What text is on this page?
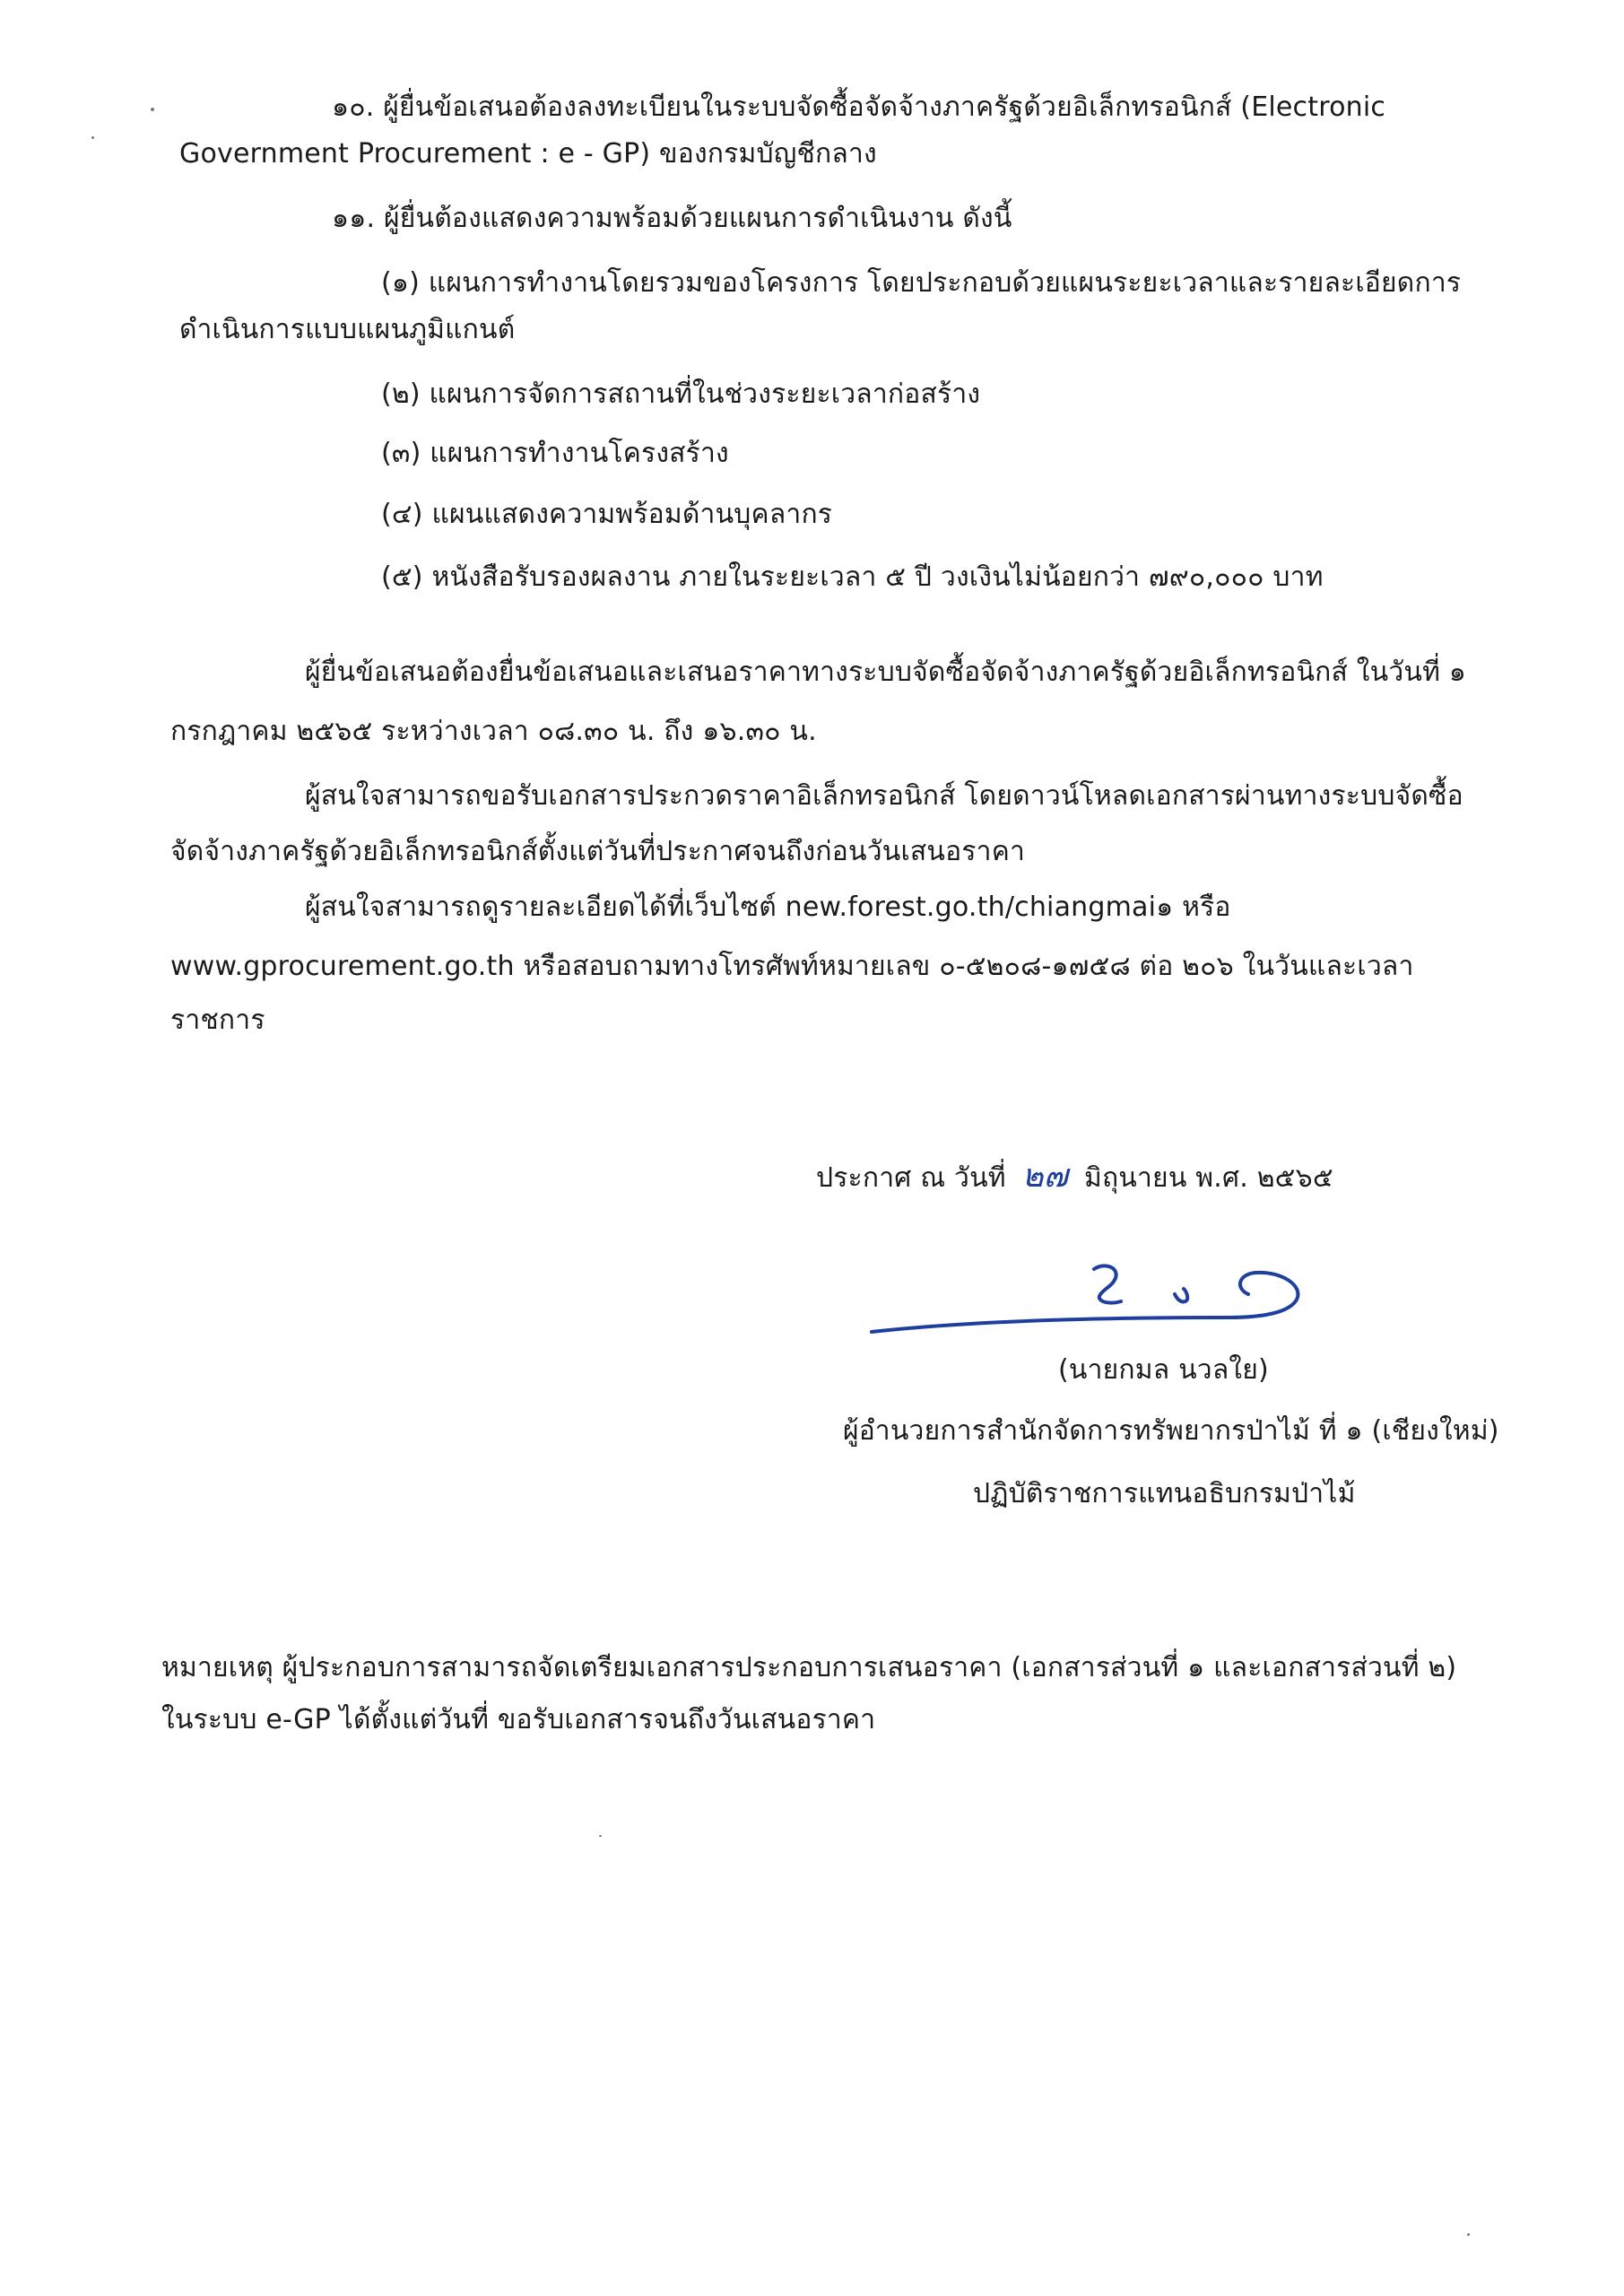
๑๐. ผู้ยื่นข้อเสนอต้องลงทะเบียนในระบบจัดซื้อจัดจ้างภาครัฐด้วยอิเล็กทรอนิกส์ (Electronic
Government Procurement : e - GP) ของกรมบัญชีกลาง
๑๑. ผู้ยื่นต้องแสดงความพร้อมด้วยแผนการดำเนินงาน ดังนี้
(๑) แผนการทำงานโดยรวมของโครงการ โดยประกอบด้วยแผนระยะเวลาและรายละเอียดการ
ดำเนินการแบบแผนภูมิแกนต์
(๒) แผนการจัดการสถานที่ในช่วงระยะเวลาก่อสร้าง
(๓) แผนการทำงานโครงสร้าง
(๔) แผนแสดงความพร้อมด้านบุคลากร
(๕) หนังสือรับรองผลงาน ภายในระยะเวลา ๕ ปี วงเงินไม่น้อยกว่า ๗๙๐,๐๐๐ บาท
ผู้ยื่นข้อเสนอต้องยื่นข้อเสนอและเสนอราคาทางระบบจัดซื้อจัดจ้างภาครัฐด้วยอิเล็กทรอนิกส์ ในวันที่ ๑
กรกฎาคม ๒๕๖๕ ระหว่างเวลา ๐๘.๓๐ น. ถึง ๑๖.๓๐ น.
ผู้สนใจสามารถขอรับเอกสารประกวดราคาอิเล็กทรอนิกส์ โดยดาวน์โหลดเอกสารผ่านทางระบบจัดซื้อ
จัดจ้างภาครัฐด้วยอิเล็กทรอนิกส์ตั้งแต่วันที่ประกาศจนถึงก่อนวันเสนอราคา
ผู้สนใจสามารถดูรายละเอียดได้ที่เว็บไซต์ new.forest.go.th/chiangmai๑ หรือ
www.gprocurement.go.th หรือสอบถามทางโทรศัพท์หมายเลข ๐-๕๒๐๘-๑๗๕๘ ต่อ ๒๐๖ ในวันและเวลา
ราชการ
ประกาศ ณ วันที่ ๒๗ มิถุนายน พ.ศ. ๒๕๖๕
(นายกมล นวลใย)
ผู้อำนวยการสำนักจัดการทรัพยากรป่าไม้ ที่ ๑ (เชียงใหม่)
ปฏิบัติราชการแทนอธิบกรมป่าไม้
หมายเหตุ ผู้ประกอบการสามารถจัดเตรียมเอกสารประกอบการเสนอราคา (เอกสารส่วนที่ ๑ และเอกสารส่วนที่ ๒)
ในระบบ e-GP ได้ตั้งแต่วันที่ ขอรับเอกสารจนถึงวันเสนอราคา
